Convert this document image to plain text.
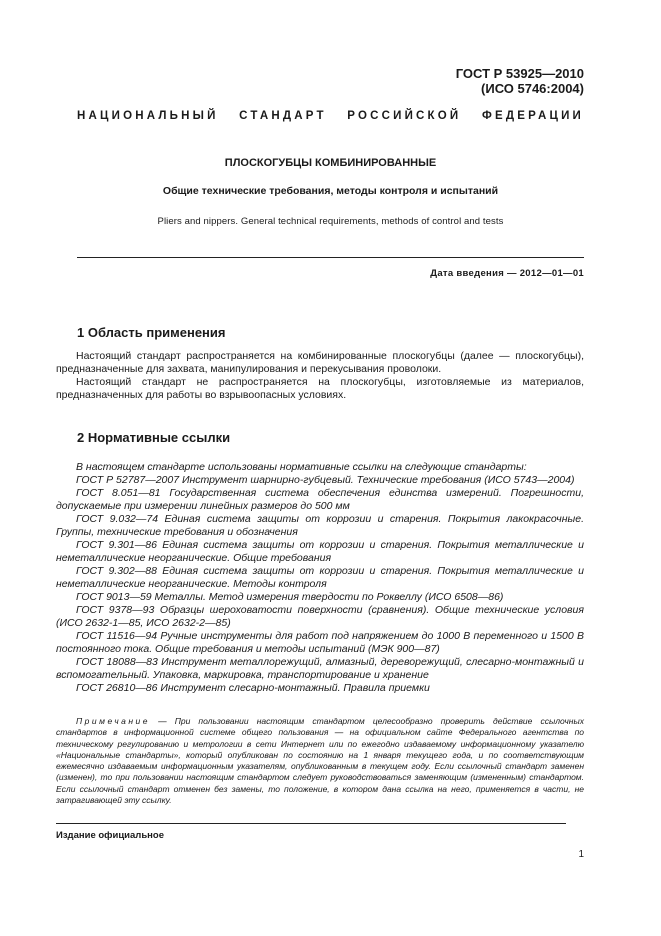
ГОСТ Р 53925—2010
(ИСО 5746:2004)
НАЦИОНАЛЬНЫЙ СТАНДАРТ РОССИЙСКОЙ ФЕДЕРАЦИИ
ПЛОСКОГУБЦЫ КОМБИНИРОВАННЫЕ
Общие технические требования, методы контроля и испытаний
Pliers and nippers. General technical requirements, methods of control and tests
Дата введения — 2012—01—01
1 Область применения

Настоящий стандарт распространяется на комбинированные плоскогубцы (далее — плоскогубцы), предназначенные для захвата, манипулирования и перекусывания проволоки.

Настоящий стандарт не распространяется на плоскогубцы, изготовляемые из материалов, предназначенных для работы во взрывоопасных условиях.

2 Нормативные ссылки

В настоящем стандарте использованы нормативные ссылки на следующие стандарты:

ГОСТ Р 52787—2007 Инструмент шарнирно-губцевый. Технические требования (ИСО 5743—2004)

ГОСТ 8.051—81 Государственная система обеспечения единства измерений. Погрешности, допускаемые при измерении линейных размеров до 500 мм

ГОСТ 9.032—74 Единая система защиты от коррозии и старения. Покрытия лакокрасочные. Группы, технические требования и обозначения

ГОСТ 9.301—86 Единая система защиты от коррозии и старения. Покрытия металлические и неметаллические неорганические. Общие требования

ГОСТ 9.302—88 Единая система защиты от коррозии и старения. Покрытия металлические и неметаллические неорганические. Методы контроля

ГОСТ 9013—59 Металлы. Метод измерения твердости по Роквеллу (ИСО 6508—86)

ГОСТ 9378—93 Образцы шероховатости поверхности (сравнения). Общие технические условия (ИСО 2632-1—85, ИСО 2632-2—85)

ГОСТ 11516—94 Ручные инструменты для работ под напряжением до 1000 В переменного и 1500 В постоянного тока. Общие требования и методы испытаний (МЭК 900—87)

ГОСТ 18088—83 Инструмент металлорежущий, алмазный, дереворежущий, слесарно-монтажный и вспомогательный. Упаковка, маркировка, транспортирование и хранение

ГОСТ 26810—86 Инструмент слесарно-монтажный. Правила приемки

Примечание — При пользовании настоящим стандартом целесообразно проверить действие ссылочных стандартов в информационной системе общего пользования — на официальном сайте Федерального агентства по техническому регулированию и метрологии в сети Интернет или по ежегодно издаваемому информационному указателю «Национальные стандарты», который опубликован по состоянию на 1 января текущего года, и по соответствующим ежемесячно издаваемым информационным указателям, опубликованным в текущем году. Если ссылочный стандарт заменен (изменен), то при пользовании настоящим стандартом следует руководствоваться заменяющим (измененным) стандартом. Если ссылочный стандарт отменен без замены, то положение, в котором дана ссылка на него, применяется в части, не затрагивающей эту ссылку.

Издание официальное
1
